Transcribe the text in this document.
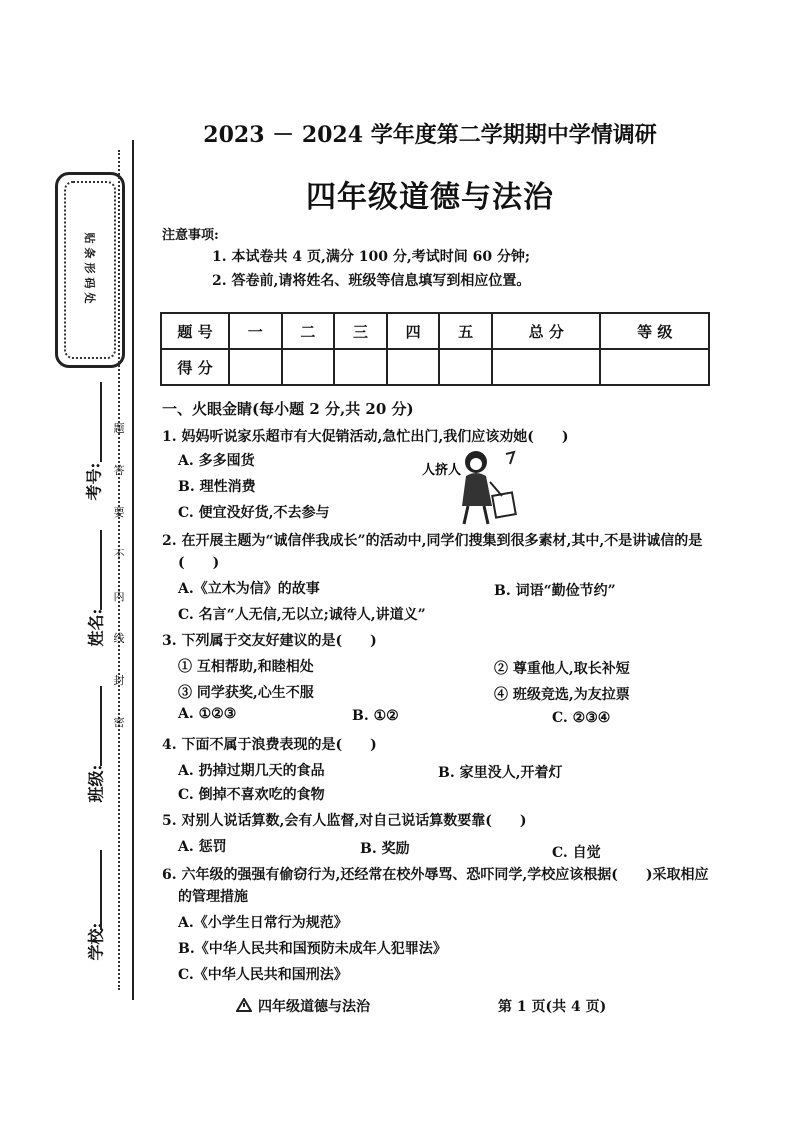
贴条形码处
题
答
要
不
内
线
封
密
考号:
姓名:
班级:
学校:
2023 － 2024 学年度第二学期期中学情调研
四年级道德与法治
注意事项:
1. 本试卷共 4 页,满分 100 分,考试时间 60 分钟;
2. 答卷前,请将姓名、班级等信息填写到相应位置。
题 号	一	二	三	四	五	总 分	等 级
得 分							
一、火眼金睛(每小题 2 分,共 20 分)
1. 妈妈听说家乐超市有大促销活动,急忙出门,我们应该劝她(　　)
A. 多多囤货
B. 理性消费
C. 便宜没好货,不去参与
人挤人
2. 在开展主题为“诚信伴我成长”的活动中,同学们搜集到很多素材,其中,不是讲诚信的是
(　　)
A.《立木为信》的故事	B. 词语“勤俭节约”
C. 名言“人无信,无以立;诚待人,讲道义”
3. 下列属于交友好建议的是(　　)
① 互相帮助,和睦相处	② 尊重他人,取长补短
③ 同学获奖,心生不服	④ 班级竞选,为友拉票
A. ①②③	B. ①②	C. ②③④
4. 下面不属于浪费表现的是(　　)
A. 扔掉过期几天的食品	B. 家里没人,开着灯
C. 倒掉不喜欢吃的食物
5. 对别人说话算数,会有人监督,对自己说话算数要靠(　　)
A. 惩罚	B. 奖励	C. 自觉
6. 六年级的强强有偷窃行为,还经常在校外辱骂、恐吓同学,学校应该根据(　　)采取相应
的管理措施
A.《小学生日常行为规范》
B.《中华人民共和国预防未成年人犯罪法》
C.《中华人民共和国刑法》
四年级道德与法治	第 1 页(共 4 页)
